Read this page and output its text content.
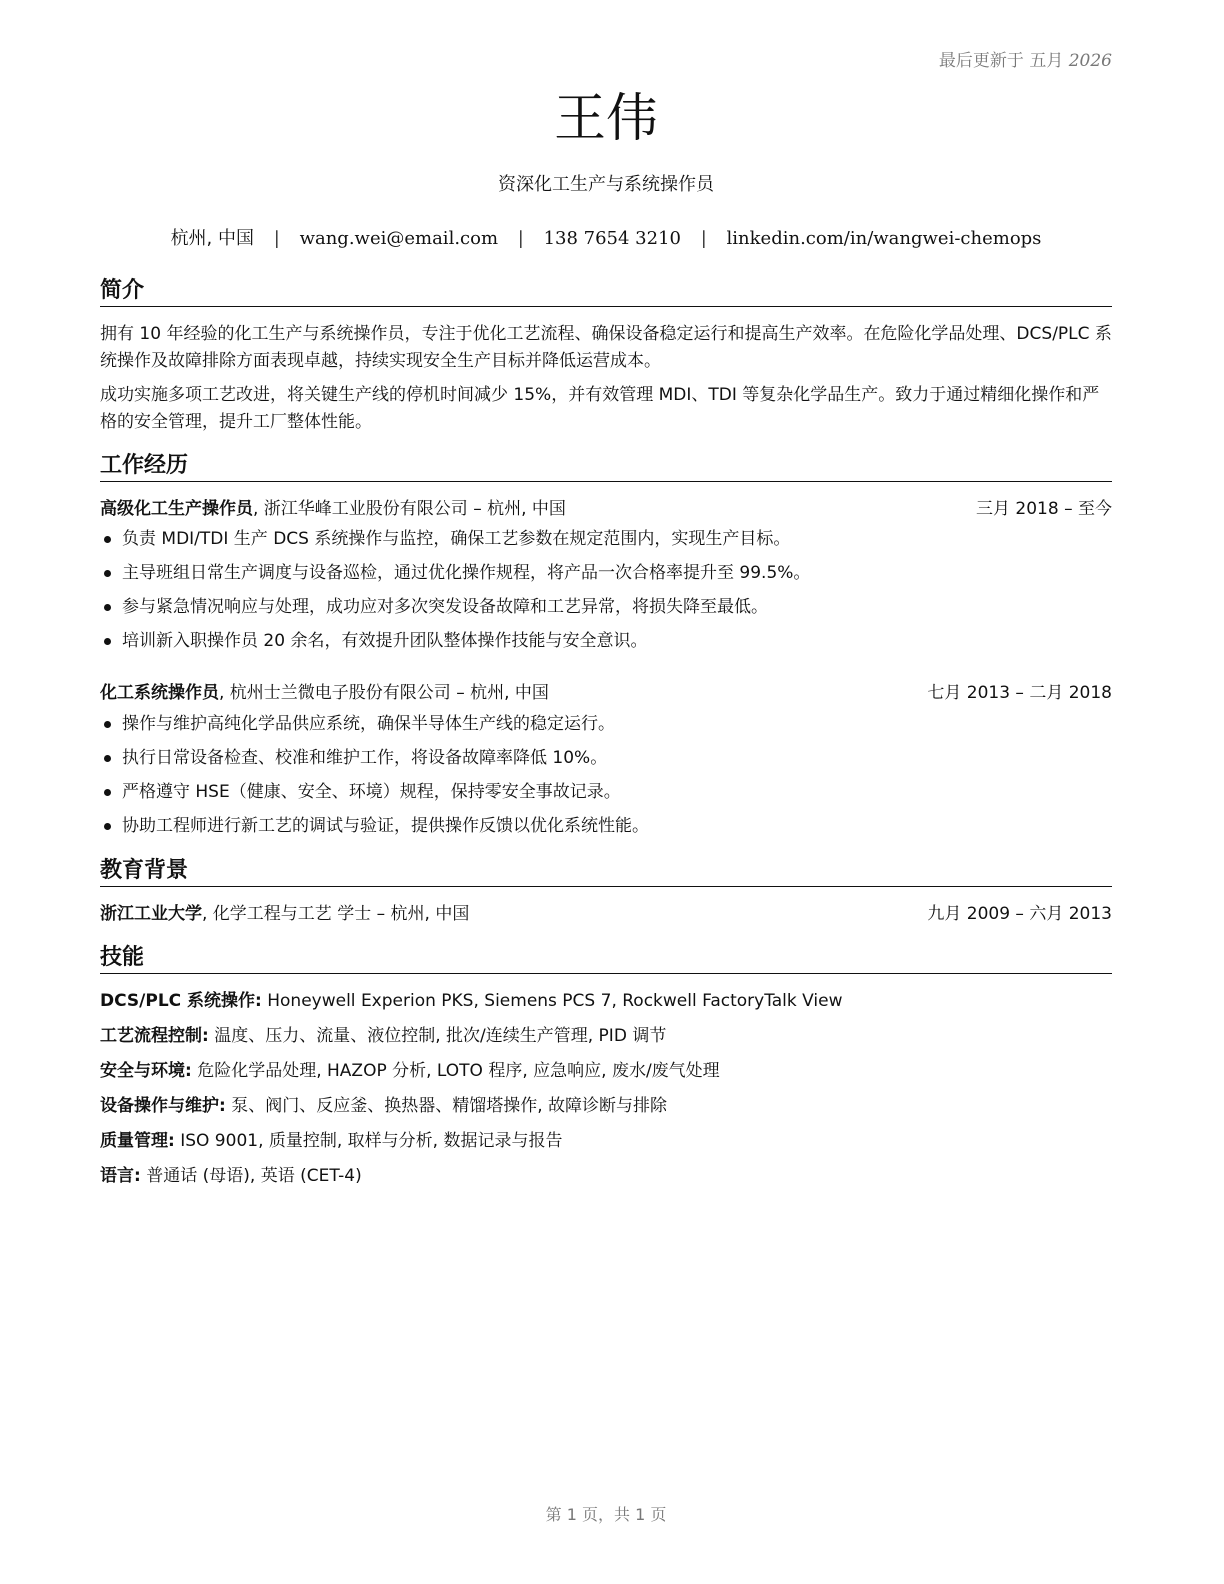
最后更新于 五月 2026
王伟
资深化工生产与系统操作员
杭州, 中国 | wang.wei@email.com | 138 7654 3210 | linkedin.com/in/wangwei-chemops
简介
拥有 10 年经验的化工生产与系统操作员，专注于优化工艺流程、确保设备稳定运行和提高生产效率。在危险化学品处理、DCS/PLC 系统操作及故障排除方面表现卓越，持续实现安全生产目标并降低运营成本。
成功实施多项工艺改进，将关键生产线的停机时间减少 15%，并有效管理 MDI、TDI 等复杂化学品生产。致力于通过精细化操作和严格的安全管理，提升工厂整体性能。
工作经历
高级化工生产操作员, 浙江华峰工业股份有限公司 – 杭州, 中国	三月 2018 – 至今
负责 MDI/TDI 生产 DCS 系统操作与监控，确保工艺参数在规定范围内，实现生产目标。
主导班组日常生产调度与设备巡检，通过优化操作规程，将产品一次合格率提升至 99.5%。
参与紧急情况响应与处理，成功应对多次突发设备故障和工艺异常，将损失降至最低。
培训新入职操作员 20 余名，有效提升团队整体操作技能与安全意识。
化工系统操作员, 杭州士兰微电子股份有限公司 – 杭州, 中国	七月 2013 – 二月 2018
操作与维护高纯化学品供应系统，确保半导体生产线的稳定运行。
执行日常设备检查、校准和维护工作，将设备故障率降低 10%。
严格遵守 HSE（健康、安全、环境）规程，保持零安全事故记录。
协助工程师进行新工艺的调试与验证，提供操作反馈以优化系统性能。
教育背景
浙江工业大学, 化学工程与工艺 学士 – 杭州, 中国	九月 2009 – 六月 2013
技能
DCS/PLC 系统操作: Honeywell Experion PKS, Siemens PCS 7, Rockwell FactoryTalk View
工艺流程控制: 温度、压力、流量、液位控制, 批次/连续生产管理, PID 调节
安全与环境: 危险化学品处理, HAZOP 分析, LOTO 程序, 应急响应, 废水/废气处理
设备操作与维护: 泵、阀门、反应釜、换热器、精馏塔操作, 故障诊断与排除
质量管理: ISO 9001, 质量控制, 取样与分析, 数据记录与报告
语言: 普通话 (母语), 英语 (CET-4)
第 1 页，共 1 页
